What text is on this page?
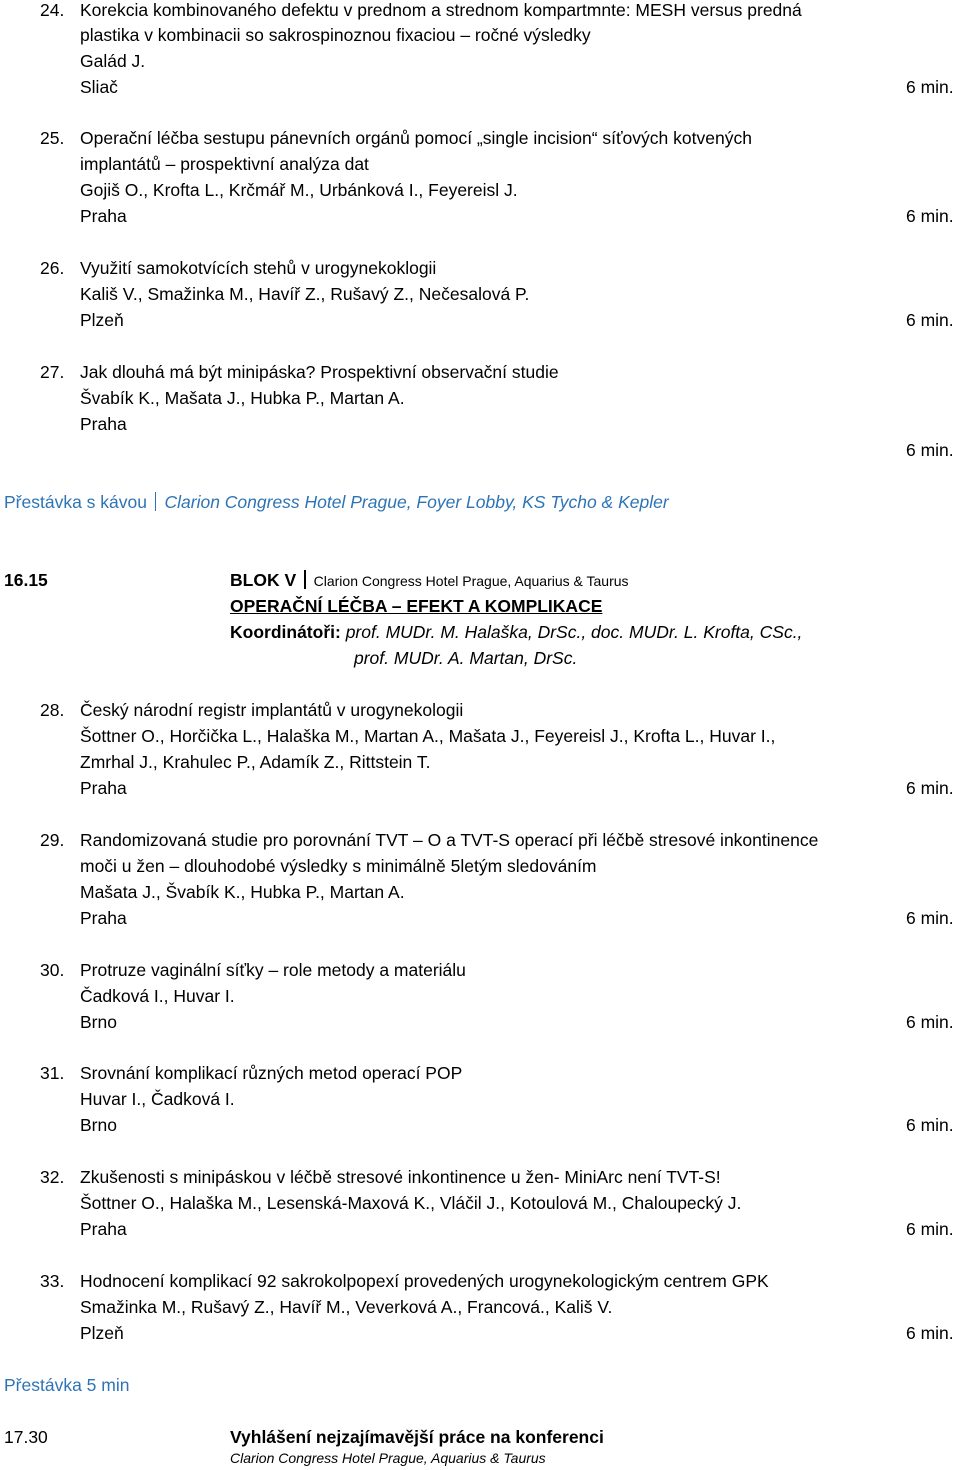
24. Korekcia kombinovaného defektu v prednom a strednom kompartmnte: MESH versus predná
plastika v kombinacii so sakrospinoznou fixaciou – ročné výsledky
Galád J.
Sliač	6 min.
25. Operační léčba sestupu pánevních orgánů pomocí „single incision“ síťových kotvených
implantátů – prospektivní analýza dat
Gojiš O., Krofta L., Krčmář M., Urbánková I., Feyereisl J.
Praha	6 min.
26. Využití samokotvících stehů v urogynekoklogii
Kališ V., Smažinka M., Havíř Z., Rušavý Z., Nečesalová P.
Plzeň	6 min.
27. Jak dlouhá má být minipáska? Prospektivní observační studie
Švabík K., Mašata J., Hubka P., Martan A.
Praha
6 min.
Přestávka s kávou Clarion Congress Hotel Prague, Foyer Lobby, KS Tycho & Kepler
16.15	BLOK V Clarion Congress Hotel Prague, Aquarius & Taurus
OPERAČNÍ LÉČBA – EFEKT A KOMPLIKACE
Koordinátoři: prof. MUDr. M. Halaška, DrSc., doc. MUDr. L. Krofta, CSc.,
prof. MUDr. A. Martan, DrSc.
28. Český národní registr implantátů v urogynekologii
Šottner O., Horčička L., Halaška M., Martan A., Mašata J., Feyereisl J., Krofta L., Huvar I.,
Zmrhal J., Krahulec P., Adamík Z., Rittstein T.
Praha	6 min.
29. Randomizovaná studie pro porovnání TVT – O a TVT-S operací při léčbě stresové inkontinence
moči u žen – dlouhodobé výsledky s minimálně 5letým sledováním
Mašata J., Švabík K., Hubka P., Martan A.
Praha	6 min.
30. Protruze vaginální síťky – role metody a materiálu
Čadková I., Huvar I.
Brno	6 min.
31. Srovnání komplikací různých metod operací POP
Huvar I., Čadková I.
Brno	6 min.
32. Zkušenosti s minipáskou v léčbě stresové inkontinence u žen- MiniArc není TVT-S!
Šottner O., Halaška M., Lesenská-Maxová K., Vláčil J., Kotoulová M., Chaloupecký J.
Praha	6 min.
33. Hodnocení komplikací 92 sakrokolpopexí provedených urogynekologickým centrem GPK
Smažinka M., Rušavý Z., Havíř M., Veverková A., Francová., Kališ V.
Plzeň	6 min.
Přestávka 5 min
17.30	Vyhlášení nejzajímavější práce na konferenci
Clarion Congress Hotel Prague, Aquarius & Taurus
